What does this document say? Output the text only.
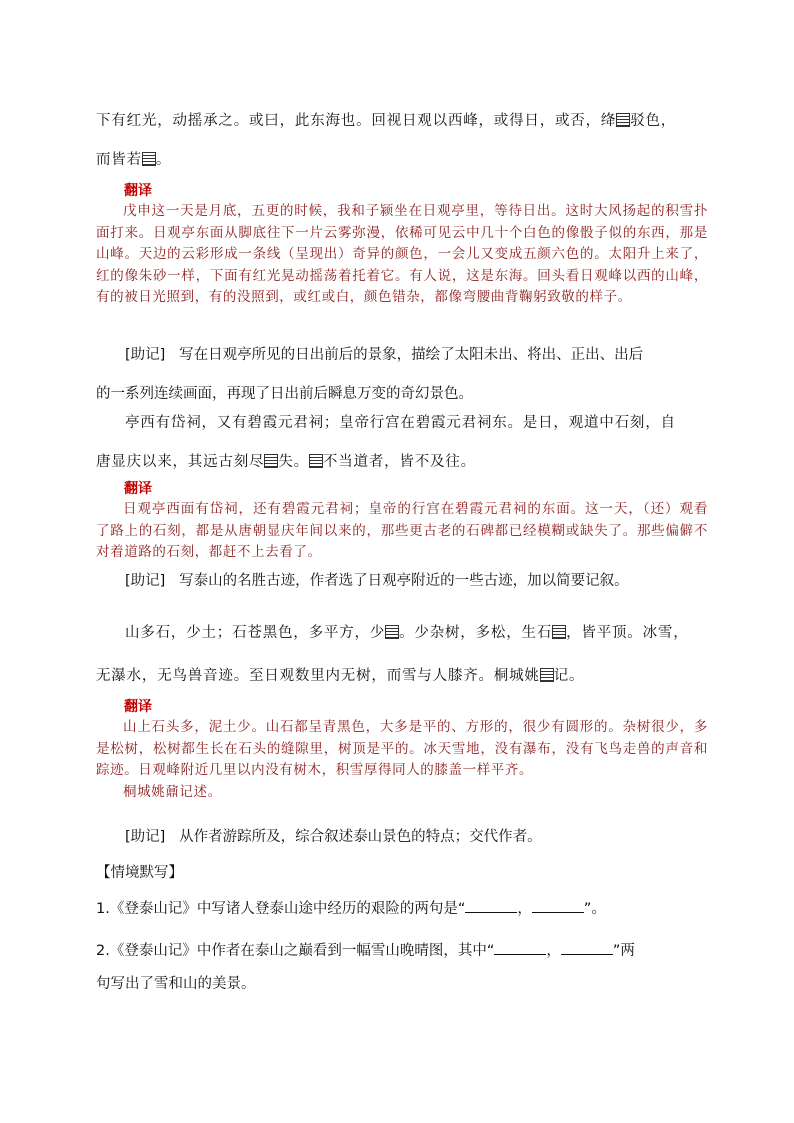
下有红光，动摇承之。或曰，此东海也。回视日观以西峰，或得日，或否，绛 驳色，
而皆若 。
翻译

戊申这一天是月底，五更的时候，我和子颍坐在日观亭里，等待日出。这时大风扬起的积雪扑面打来。日观亭东面从脚底往下一片云雾弥漫，依稀可见云中几十个白色的像骰子似的东西，那是山峰。天边的云彩形成一条线（呈现出）奇异的颜色，一会儿又变成五颜六色的。太阳升上来了，红的像朱砂一样，下面有红光晃动摇荡着托着它。有人说，这是东海。回头看日观峰以西的山峰，有的被日光照到，有的没照到，或红或白，颜色错杂，都像弯腰曲背鞠躬致敬的样子。

[助记] 写在日观亭所见的日出前后的景象，描绘了太阳未出、将出、正出、出后
的一系列连续画面，再现了日出前后瞬息万变的奇幻景色。
亭西有岱祠，又有碧霞元君祠；皇帝行宫在碧霞元君祠东。是日，观道中石刻，自
唐显庆以来，其远古刻尽 失。 不当道者，皆不及往。
翻译

日观亭西面有岱祠，还有碧霞元君祠；皇帝的行宫在碧霞元君祠的东面。这一天，（还）观看了路上的石刻，都是从唐朝显庆年间以来的，那些更古老的石碑都已经模糊或缺失了。那些偏僻不对着道路的石刻，都赶不上去看了。

[助记] 写泰山的名胜古迹，作者选了日观亭附近的一些古迹，加以简要记叙。
山多石，少土；石苍黑色，多平方，少 。少杂树，多松，生石 ，皆平顶。冰雪，
无瀑水，无鸟兽音迹。至日观数里内无树，而雪与人膝齐。桐城姚 记。
翻译

山上石头多，泥土少。山石都呈青黑色，大多是平的、方形的，很少有圆形的。杂树很少，多是松树，松树都生长在石头的缝隙里，树顶是平的。冰天雪地，没有瀑布，没有飞鸟走兽的声音和踪迹。日观峰附近几里以内没有树木，积雪厚得同人的膝盖一样平齐。

桐城姚鼐记述。

[助记] 从作者游踪所及，综合叙述泰山景色的特点；交代作者。
【情境默写】
1.《登泰山记》中写诸人登泰山途中经历的艰险的两句是“	，	”。
2.《登泰山记》中作者在泰山之巅看到一幅雪山晚晴图，其中“	，	”两
句写出了雪和山的美景。
